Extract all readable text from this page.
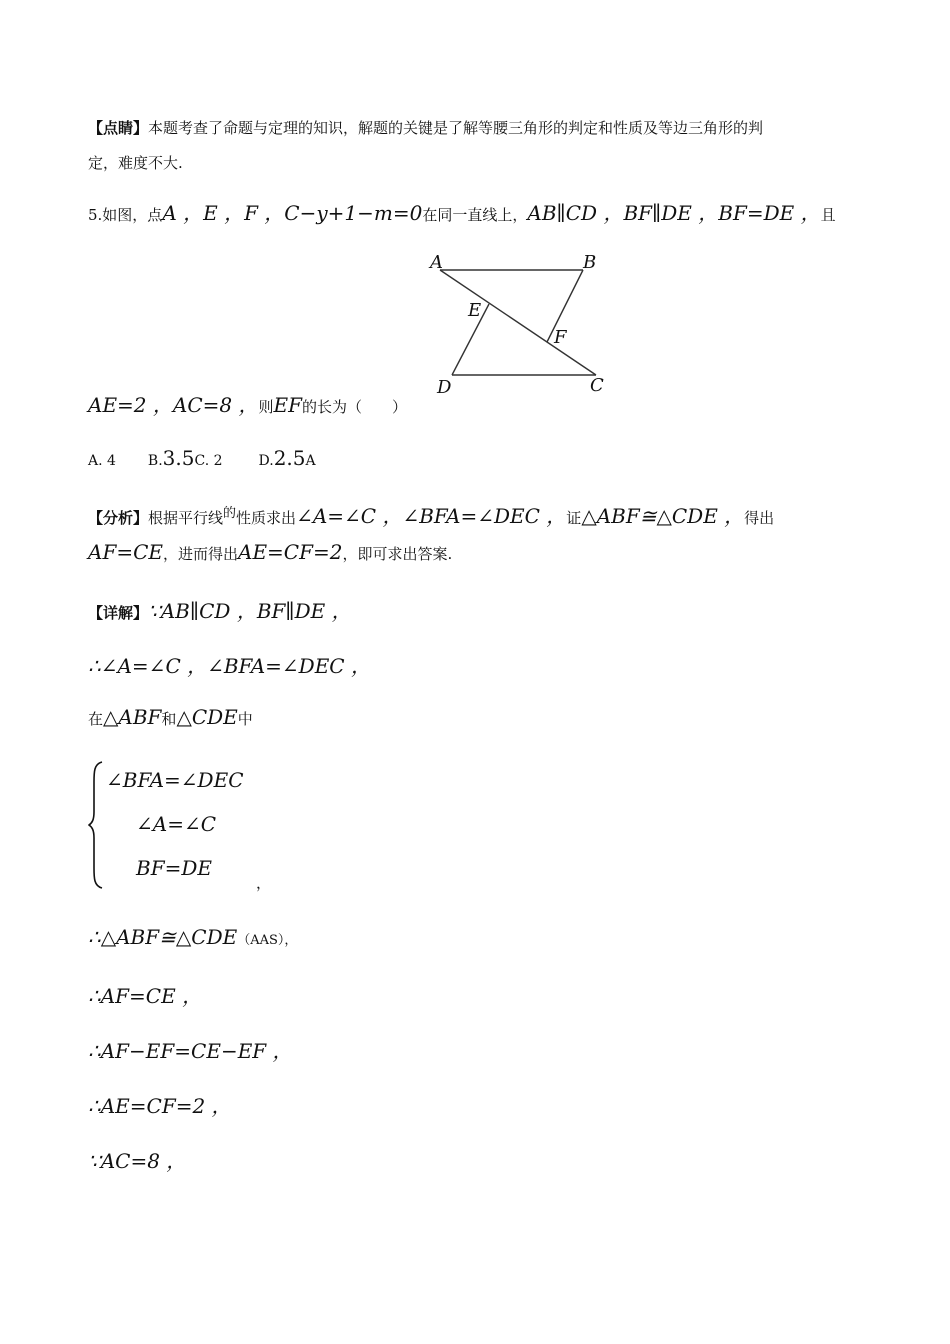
【点睛】本题考查了命题与定理的知识，解题的关键是了解等腰三角形的判定和性质及等边三角形的判
定，难度不大.
5.如图，点A ，E ，F ，C−y+1−m=0在同一直线上，AB∥CD ，BF∥DE ，BF=DE ，且
A	B
E
F
D	C
AE=2 ，AC=8 ，则EF的长为（　　）
A. 4 B.3.5C. 2	D.2.5A
【分析】根据平行线的性质求出∠A=∠C ，∠BFA=∠DEC ，证△ABF≅△CDE ，得出
AF=CE，进而得出AE=CF=2，即可求出答案.
【详解】∵AB∥CD ，BF∥DE ，
∴∠A=∠C ，∠BFA=∠DEC ，
在△ABF和△CDE中
∠BFA=∠DEC
∠A=∠C
BF=DE
，
∴△ABF≅△CDE（AAS），
∴AF=CE ，
∴AF−EF=CE−EF ，
∴AE=CF=2 ，
∵AC=8 ，
